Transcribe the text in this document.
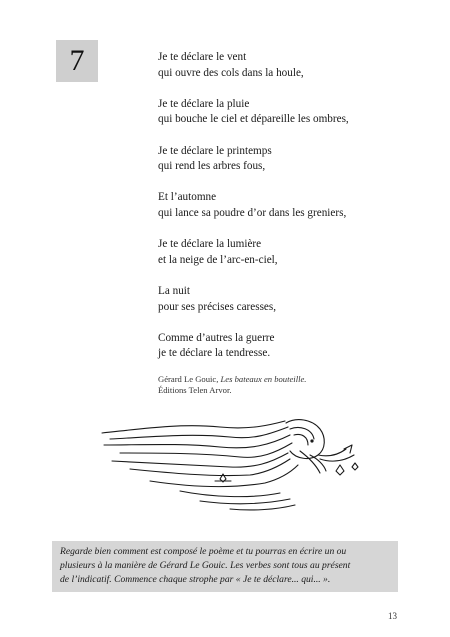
7	Je te déclare le vent
qui ouvre des cols dans la houle,
Je te déclare la pluie
qui bouche le ciel et dépareille les ombres,
Je te déclare le printemps
qui rend les arbres fous,
Et l’automne
qui lance sa poudre d’or dans les greniers,
Je te déclare la lumière
et la neige de l’arc-en-ciel,
La nuit
pour ses précises caresses,
Comme d’autres la guerre
je te déclare la tendresse.
Gérard Le Gouic, Les bateaux en bouteille.
Éditions Telen Arvor.
Regarde bien comment est composé le poème et tu pourras en écrire un ou
plusieurs à la manière de Gérard Le Gouic. Les verbes sont tous au présent
de l’indicatif. Commence chaque strophe par « Je te déclare... qui... ».
13
